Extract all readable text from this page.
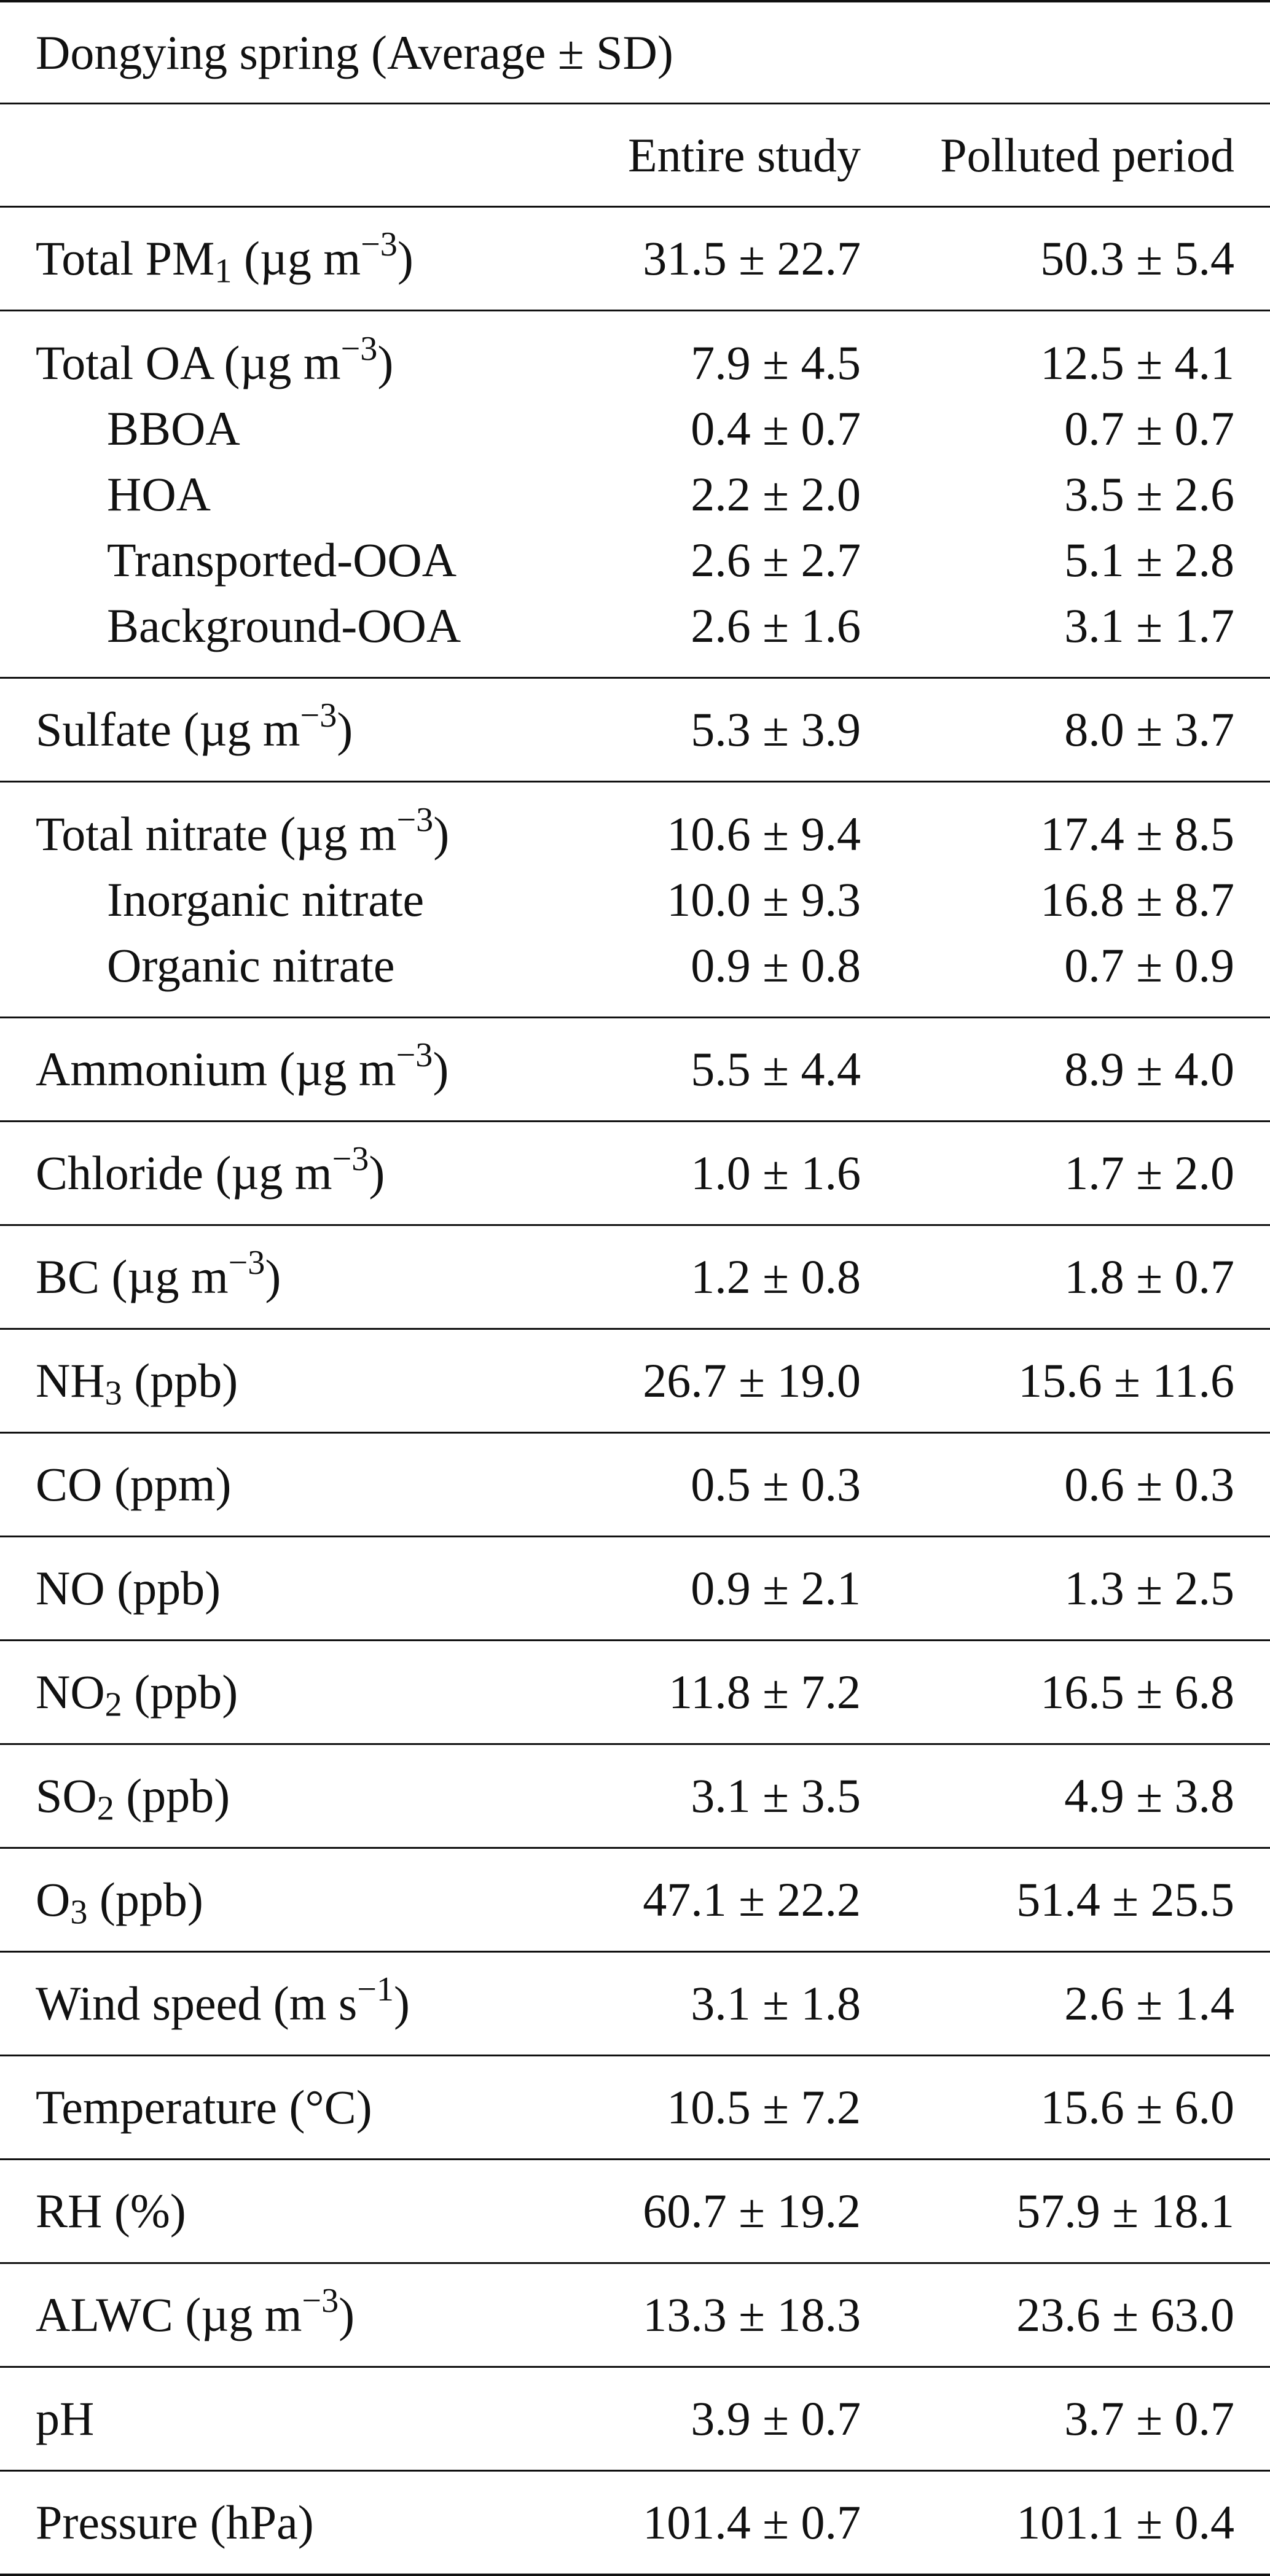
Dongying spring (Average ± SD)		
	Entire study	Polluted period
Total $PM_1$ (µg $m^{-3}$)	31.5 ± 22.7	50.3 ± 5.4
Total OA (µg $m^{-3}$)	7.9 ± 4.5	12.5 ± 4.1
BBOA	0.4 ± 0.7	0.7 ± 0.7
HOA	2.2 ± 2.0	3.5 ± 2.6
Transported-OOA	2.6 ± 2.7	5.1 ± 2.8
Background-OOA	2.6 ± 1.6	3.1 ± 1.7
Sulfate (µg $m^{-3}$)	5.3 ± 3.9	8.0 ± 3.7
Total nitrate (µg $m^{-3}$)	10.6 ± 9.4	17.4 ± 8.5
Inorganic nitrate	10.0 ± 9.3	16.8 ± 8.7
Organic nitrate	0.9 ± 0.8	0.7 ± 0.9
Ammonium (µg $m^{-3}$)	5.5 ± 4.4	8.9 ± 4.0
Chloride (µg $m^{-3}$)	1.0 ± 1.6	1.7 ± 2.0
BC (µg $m^{-3}$)	1.2 ± 0.8	1.8 ± 0.7
$NH_3$ (ppb)	26.7 ± 19.0	15.6 ± 11.6
CO (ppm)	0.5 ± 0.3	0.6 ± 0.3
NO (ppb)	0.9 ± 2.1	1.3 ± 2.5
$NO_2$ (ppb)	11.8 ± 7.2	16.5 ± 6.8
$SO_2$ (ppb)	3.1 ± 3.5	4.9 ± 3.8
$O_3$ (ppb)	47.1 ± 22.2	51.4 ± 25.5
Wind speed (m $s^{-1}$)	3.1 ± 1.8	2.6 ± 1.4
Temperature (°C)	10.5 ± 7.2	15.6 ± 6.0
RH (%)	60.7 ± 19.2	57.9 ± 18.1
ALWC (µg $m^{-3}$)	13.3 ± 18.3	23.6 ± 63.0
pH	3.9 ± 0.7	3.7 ± 0.7
Pressure (hPa)	101.4 ± 0.7	101.1 ± 0.4
